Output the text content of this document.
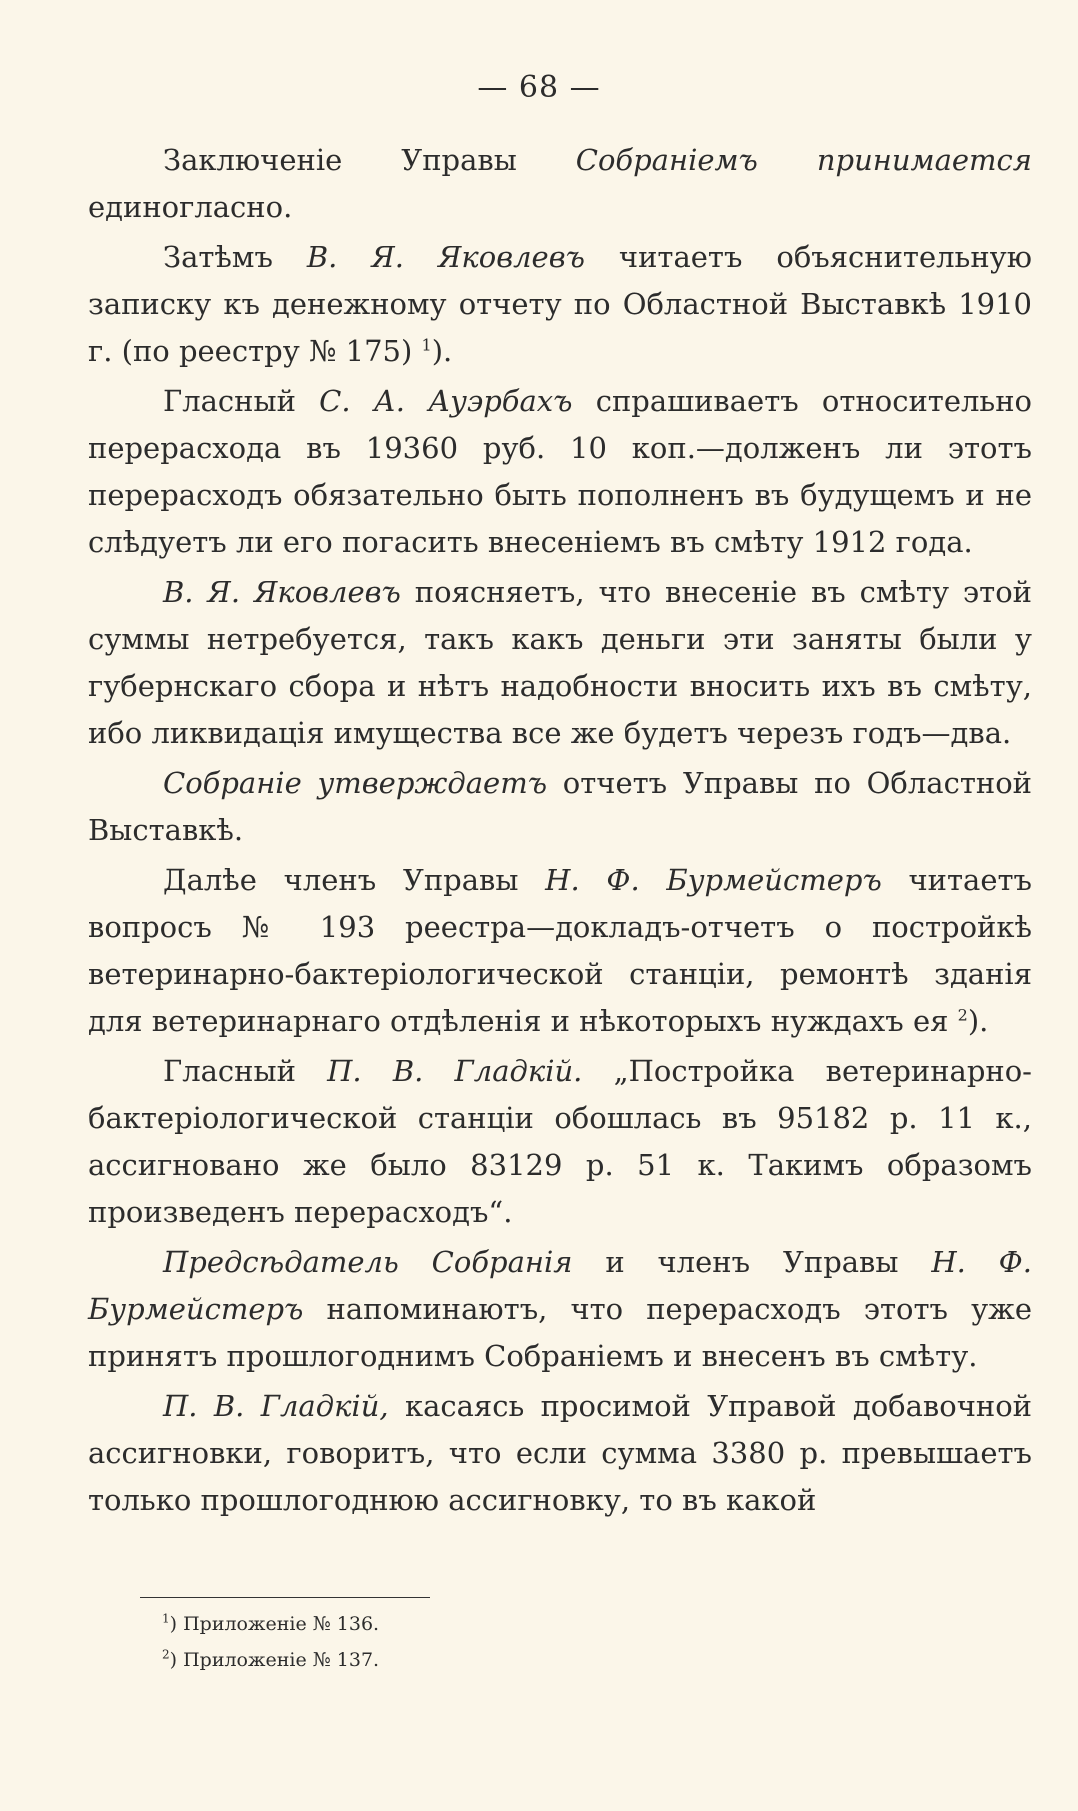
— 68 —

Заключеніе Управы Собраніемъ принимается единогласно.

Затѣмъ В. Я. Яковлевъ читаетъ объяснительную записку къ денежному отчету по Областной Выставкѣ 1910 г. (по реестру № 175) $^1$).

Гласный С. А. Ауэрбахъ спрашиваетъ относительно перерасхода въ 19360 руб. 10 коп.—долженъ ли этотъ перерасходъ обязательно быть пополненъ въ будущемъ и не слѣдуетъ ли его погасить внесеніемъ въ смѣту 1912 года.

В. Я. Яковлевъ поясняетъ, что внесеніе въ смѣту этой суммы нетребуется, такъ какъ деньги эти заняты были у губернскаго сбора и нѣтъ надобности вносить ихъ въ смѣту, ибо ликвидація имущества все же будетъ черезъ годъ—два.

Собраніе утверждаетъ отчетъ Управы по Областной Выставкѣ.

Далѣе членъ Управы Н. Ф. Бурмейстеръ читаетъ вопросъ № 193 реестра—докладъ-отчетъ о постройкѣ ветеринарно-бактеріологической станціи, ремонтѣ зданія для ветеринарнаго отдѣленія и нѣкоторыхъ нуждахъ ея $^2$).

Гласный П. В. Гладкій. „Постройка ветеринарно-бактеріологической станціи обошлась въ 95182 р. 11 к., ассигновано же было 83129 р. 51 к. Такимъ образомъ произведенъ перерасходъ“.

Предсѣдатель Собранія и членъ Управы Н. Ф. Бурмейстеръ напоминаютъ, что перерасходъ этотъ уже принятъ прошлогоднимъ Собраніемъ и внесенъ въ смѣту.

П. В. Гладкій, касаясь просимой Управой добавочной ассигновки, говоритъ, что если сумма 3380 р. превышаетъ только прошлогоднюю ассигновку, то въ какой

$^1$) Приложеніе № 136.
$^2$) Приложеніе № 137.
